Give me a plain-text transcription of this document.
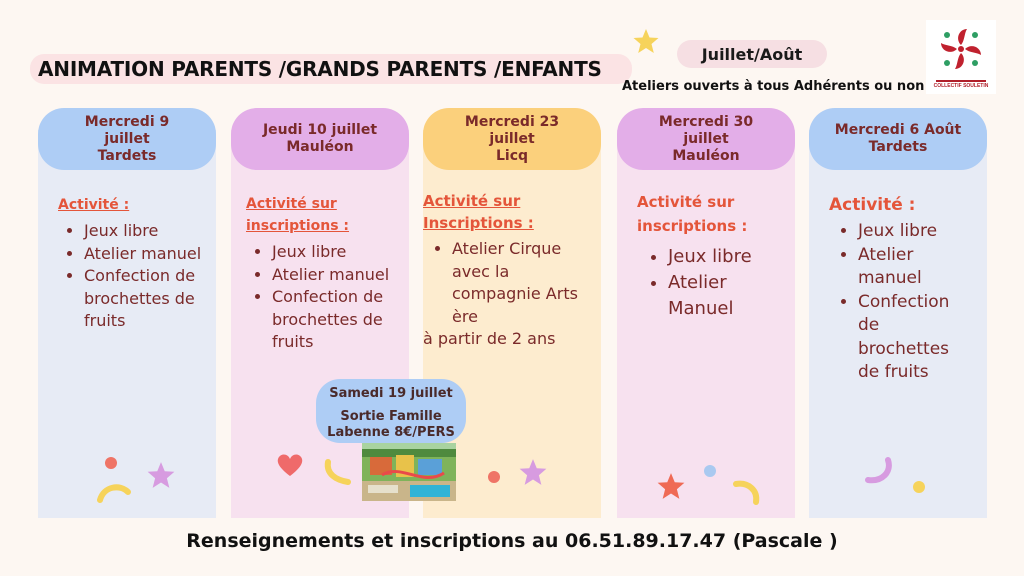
ANIMATION PARENTS /GRANDS PARENTS /ENFANTS
Juillet/Août
Ateliers ouverts à tous Adhérents ou non	COLLECTIF SOULETIN
Mercredi 9
juillet
Tardets
Jeudi 10 juillet
Mauléon
Mercredi 23
juillet
Licq
Mercredi 30
juillet
Mauléon
Mercredi 6 Août
Tardets
Activité :
• Jeux libre
• Atelier manuel
• Confection de brochettes de fruits
Activité sur inscriptions :
• Jeux libre
• Atelier manuel
• Confection de brochettes de fruits
Activité sur Inscriptions :
• Atelier Cirque avec la compagnie Arts ère
à partir de 2 ans
Activité sur inscriptions :
• Jeux libre
• Atelier Manuel
Activité :
• Jeux libre
• Atelier manuel
• Confection de brochettes de fruits
Samedi 19 juillet
Sortie Famille
Labenne 8€/PERS
Renseignements et inscriptions au 06.51.89.17.47 (Pascale )
